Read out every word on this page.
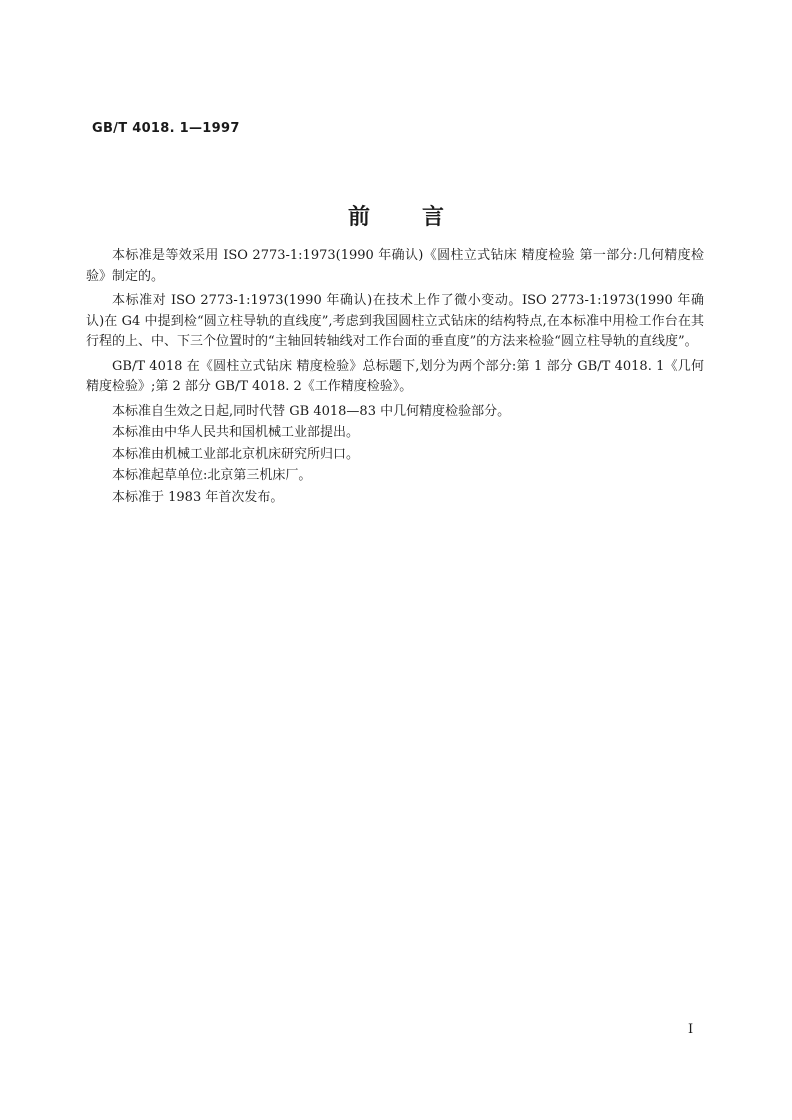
GB/T 4018. 1—1997
前言

本标准是等效采用 ISO 2773-1:1973(1990 年确认)《圆柱立式钻床 精度检验 第一部分:几何精度检验》制定的。

本标准对 ISO 2773-1:1973(1990 年确认)在技术上作了微小变动。ISO 2773-1:1973(1990 年确认)在 G4 中提到检“圆立柱导轨的直线度”,考虑到我国圆柱立式钻床的结构特点,在本标准中用检工作台在其行程的上、中、下三个位置时的“主轴回转轴线对工作台面的垂直度”的方法来检验“圆立柱导轨的直线度”。

GB/T 4018 在《圆柱立式钻床 精度检验》总标题下,划分为两个部分:第 1 部分 GB/T 4018. 1《几何精度检验》;第 2 部分 GB/T 4018. 2《工作精度检验》。

本标准自生效之日起,同时代替 GB 4018—83 中几何精度检验部分。

本标准由中华人民共和国机械工业部提出。

本标准由机械工业部北京机床研究所归口。

本标准起草单位:北京第三机床厂。

本标准于 1983 年首次发布。

I
